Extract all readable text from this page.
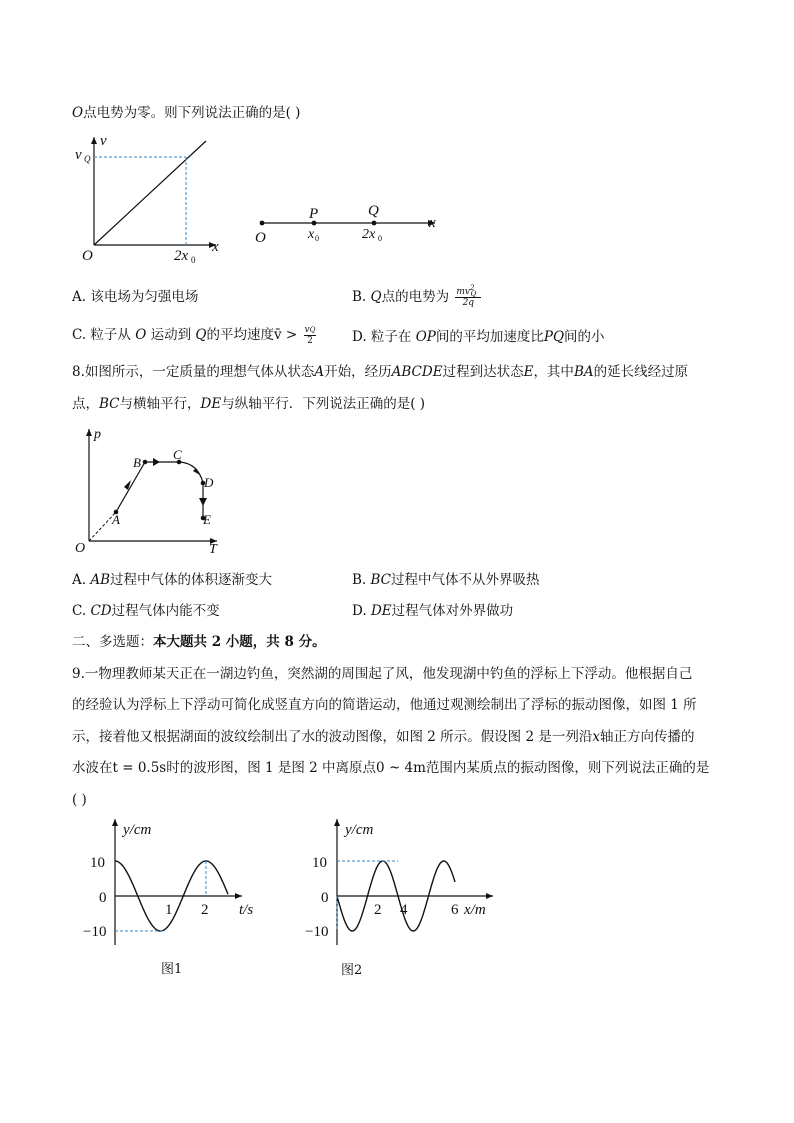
O点电势为零。则下列说法正确的是( )
v
v Q
O
x
2x 0
O
P	Q
x 0	2x 0
x
A. 该电场为匀强电场	B. Q点的电势为 $\frac{mv^2_Q}{2q}$
C. 粒子从 O 运动到 Q的平均速度v̄ > $\frac{vQ}{2}$	D. 粒子在 OP间的平均加速度比PQ间的小
8.如图所示，一定质量的理想气体从状态A开始，经历ABCDE过程到达状态E，其中BA的延长线经过原
点，BC与横轴平行，DE与纵轴平行．下列说法正确的是( )
p
T
O
A
B
C
D
E
A. AB过程中气体的体积逐渐变大	B. BC过程中气体不从外界吸热
C. CD过程气体内能不变	D. DE过程气体对外界做功
二、多选题：本大题共 2 小题，共 8 分。
9.一物理教师某天正在一湖边钓鱼，突然湖的周围起了风，他发现湖中钓鱼的浮标上下浮动。他根据自己
的经验认为浮标上下浮动可简化成竖直方向的简谐运动，他通过观测绘制出了浮标的振动图像，如图 1 所
示，接着他又根据湖面的波纹绘制出了水的波动图像，如图 2 所示。假设图 2 是一列沿x轴正方向传播的
水波在t = 0.5s时的波形图，图 1 是图 2 中离原点0 ~ 4m范围内某质点的振动图像，则下列说法正确的是
( )
y/cm
10
0
−10
1 2 t/s
图1
y/cm
10
0
−10
2 4	6 x/m
图2
